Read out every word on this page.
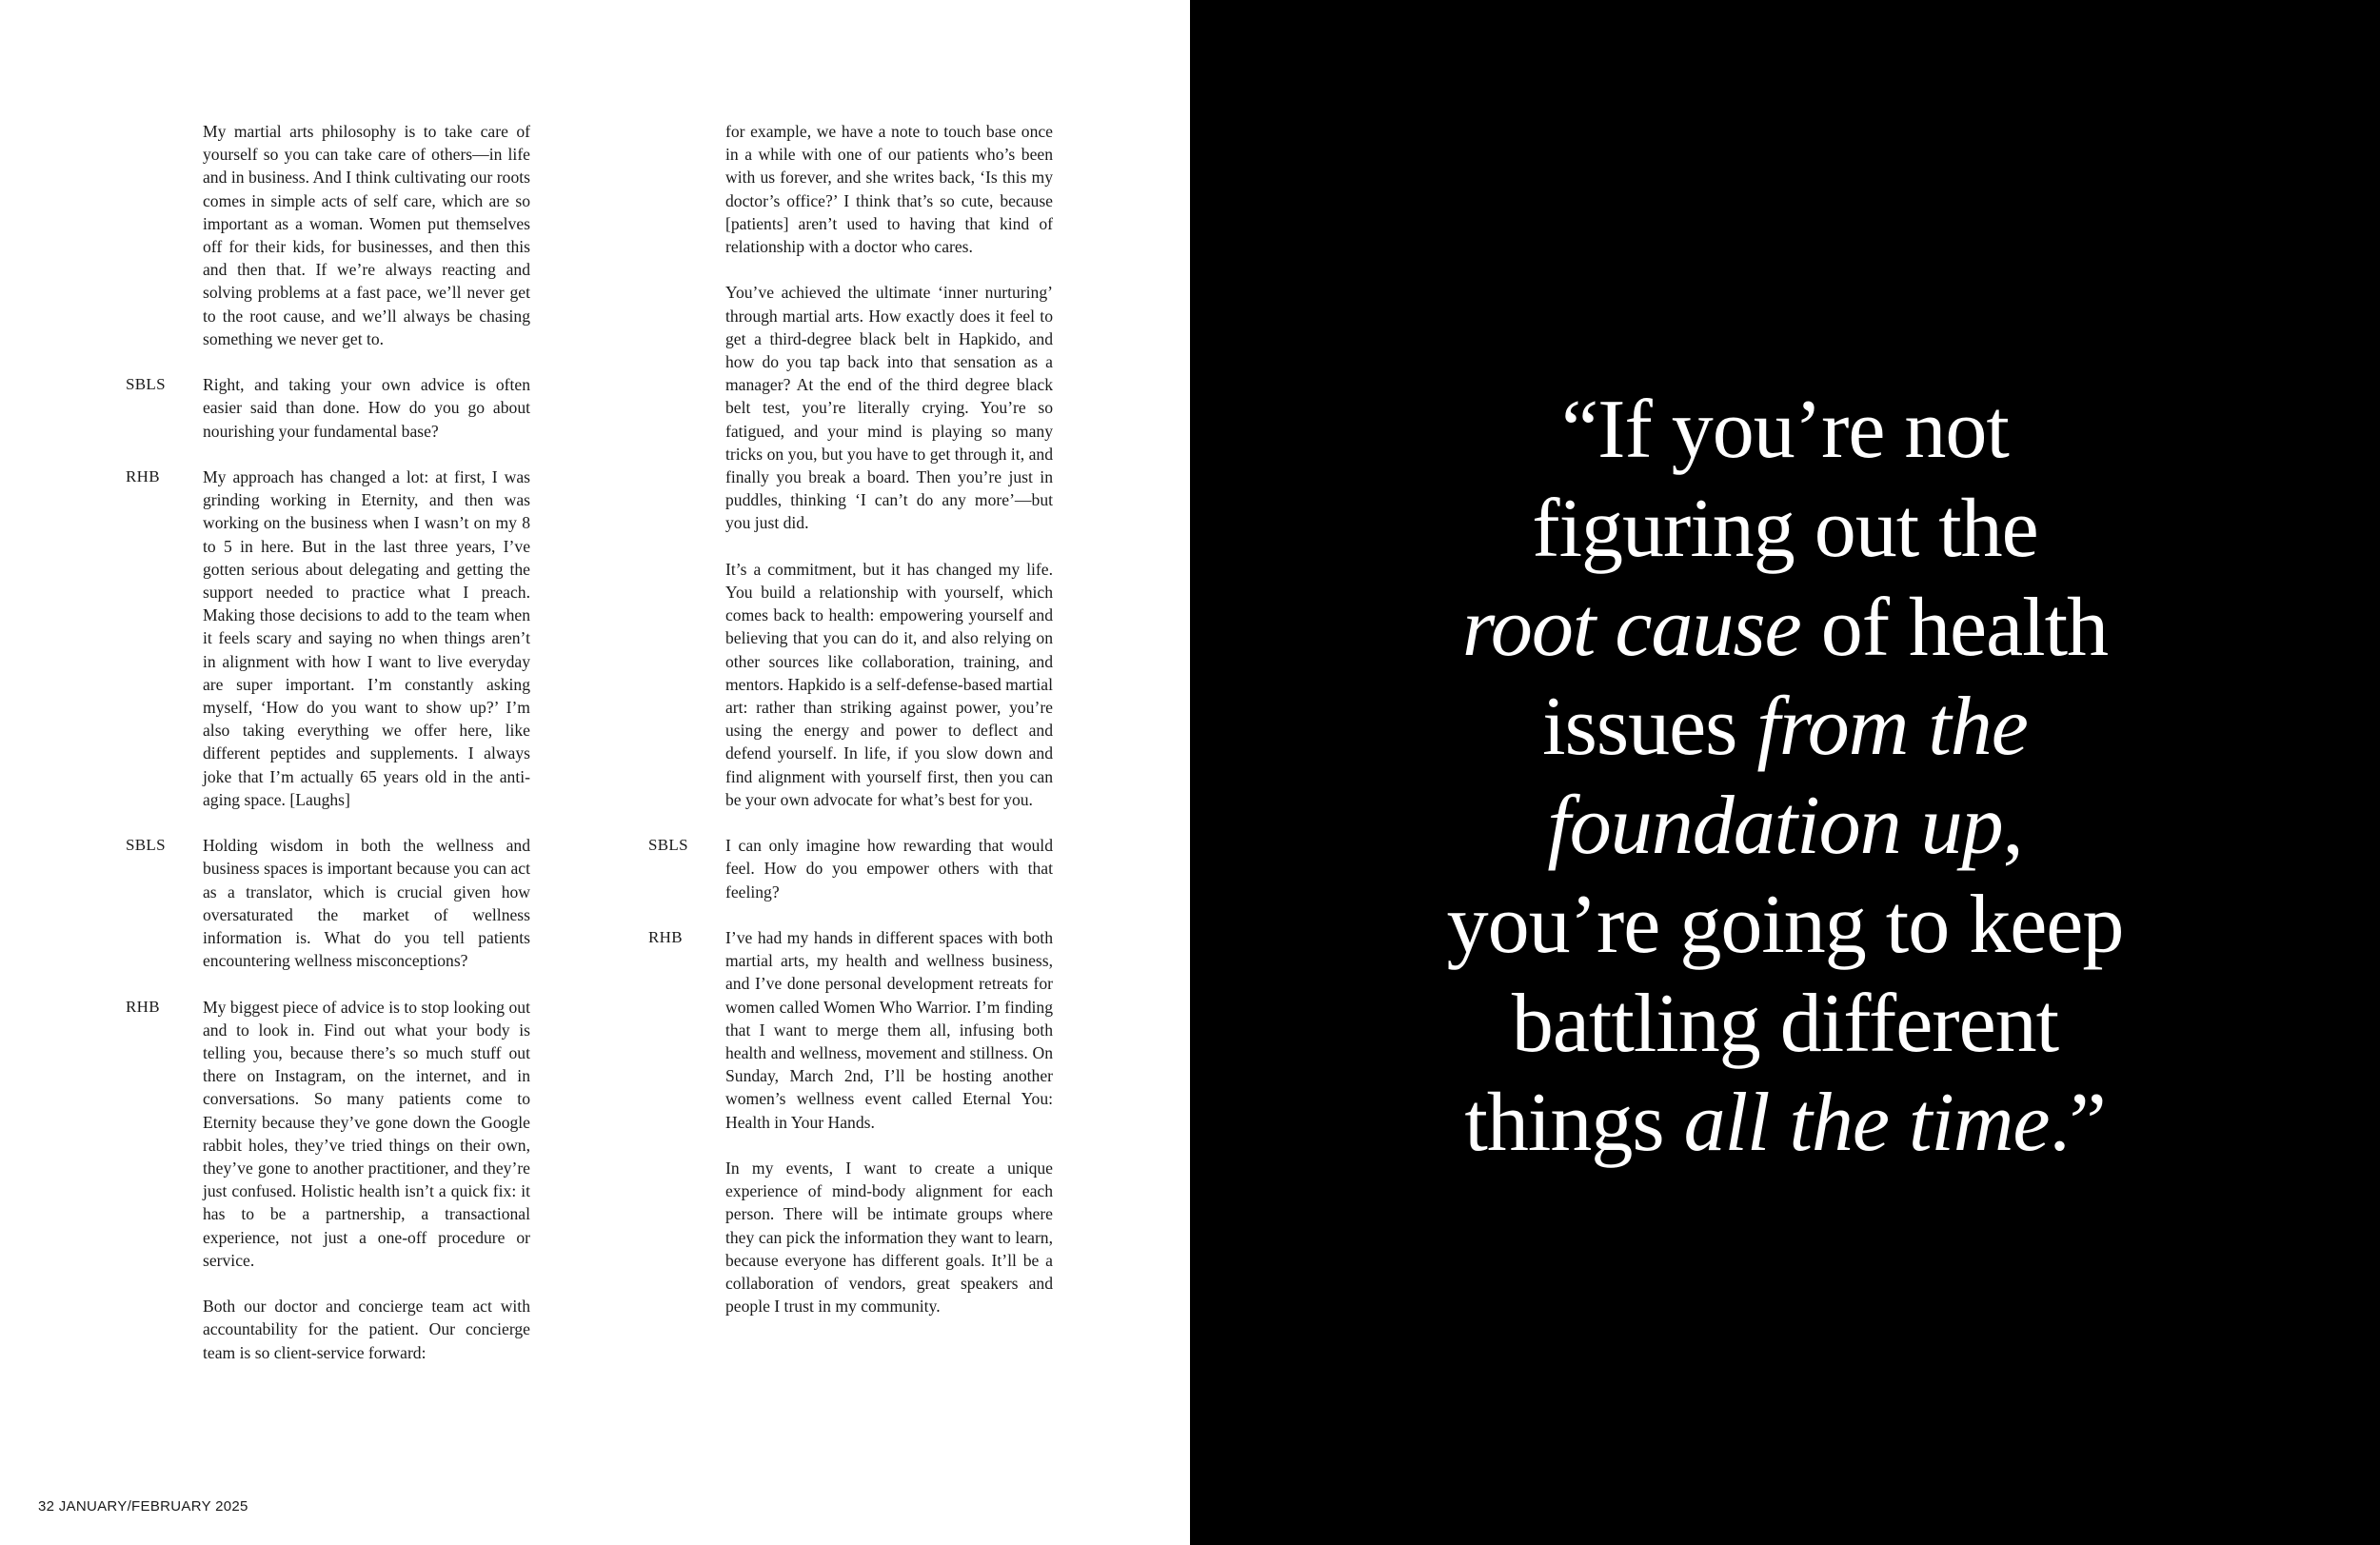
My martial arts philosophy is to take care of yourself so you can take care of others—in life and in business. And I think cultivating our roots comes in simple acts of self care, which are so important as a woman. Women put themselves off for their kids, for businesses, and then this and then that. If we’re always reacting and solving problems at a fast pace, we’ll never get to the root cause, and we’ll always be chasing something we never get to.

SBLS	Right, and taking your own advice is often easier said than done. How do you go about nourishing your fundamental base?

RHB	My approach has changed a lot: at first, I was grinding working in Eternity, and then was working on the business when I wasn’t on my 8 to 5 in here. But in the last three years, I’ve gotten serious about delegating and getting the support needed to practice what I preach. Making those decisions to add to the team when it feels scary and saying no when things aren’t in alignment with how I want to live everyday are super important. I’m constantly asking myself, ‘How do you want to show up?’ I’m also taking everything we offer here, like different peptides and supplements. I always joke that I’m actually 65 years old in the anti-aging space. [Laughs]

SBLS	Holding wisdom in both the wellness and business spaces is important because you can act as a translator, which is crucial given how oversaturated the market of wellness information is. What do you tell patients encountering wellness misconceptions?

RHB	My biggest piece of advice is to stop looking out and to look in. Find out what your body is telling you, because there’s so much stuff out there on Instagram, on the internet, and in conversations. So many patients come to Eternity because they’ve gone down the Google rabbit holes, they’ve tried things on their own, they’ve gone to another practitioner, and they’re just confused. Holistic health isn’t a quick fix: it has to be a partnership, a transactional experience, not just a one-off procedure or service.

Both our doctor and concierge team act with accountability for the patient. Our concierge team is so client-service forward:

for example, we have a note to touch base once in a while with one of our patients who’s been with us forever, and she writes back, ‘Is this my doctor’s office?’ I think that’s so cute, because [patients] aren’t used to having that kind of relationship with a doctor who cares.

You’ve achieved the ultimate ‘inner nurturing’ through martial arts. How exactly does it feel to get a third-degree black belt in Hapkido, and how do you tap back into that sensation as a manager? At the end of the third degree black belt test, you’re literally crying. You’re so fatigued, and your mind is playing so many tricks on you, but you have to get through it, and finally you break a board. Then you’re just in puddles, thinking ‘I can’t do any more’—but you just did.

It’s a commitment, but it has changed my life. You build a relationship with yourself, which comes back to health: empowering yourself and believing that you can do it, and also relying on other sources like collaboration, training, and mentors. Hapkido is a self-defense-based martial art: rather than striking against power, you’re using the energy and power to deflect and defend yourself. In life, if you slow down and find alignment with yourself first, then you can be your own advocate for what’s best for you.

SBLS	I can only imagine how rewarding that would feel. How do you empower others with that feeling?

RHB	I’ve had my hands in different spaces with both martial arts, my health and wellness business, and I’ve done personal development retreats for women called Women Who Warrior. I’m finding that I want to merge them all, infusing both health and wellness, movement and stillness. On Sunday, March 2nd, I’ll be hosting another women’s wellness event called Eternal You: Health in Your Hands.

In my events, I want to create a unique experience of mind-body alignment for each person. There will be intimate groups where they can pick the information they want to learn, because everyone has different goals. It’ll be a collaboration of vendors, great speakers and people I trust in my community.

32 JANUARY/FEBRUARY 2025
“If you’re not
figuring out the
root cause of health
issues from the
foundation up,
you’re going to keep
battling different
things all the time.”
